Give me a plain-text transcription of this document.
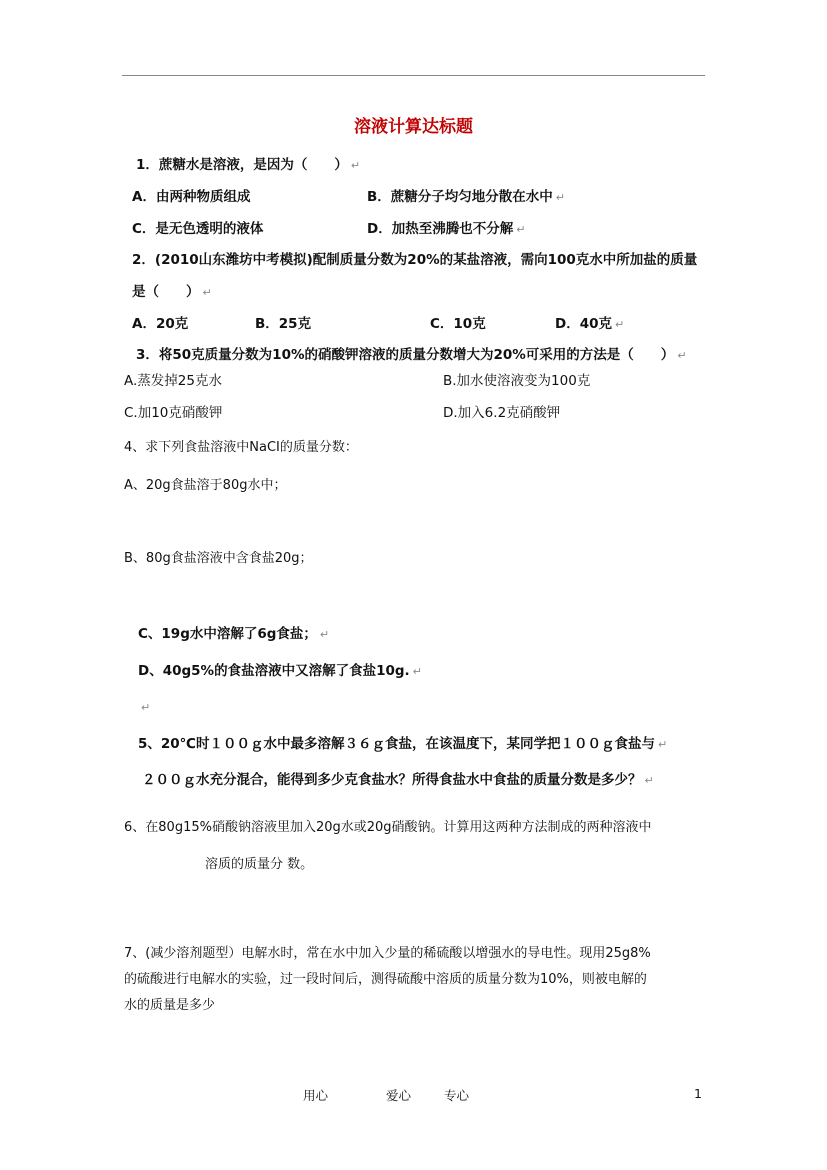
溶液计算达标题
1．蔗糖水是溶液，是因为（　　） ↵
A．由两种物质组成	B．蔗糖分子均匀地分散在水中 ↵
C．是无色透明的液体	D．加热至沸腾也不分解 ↵
2．(2010山东潍坊中考模拟)配制质量分数为20%的某盐溶液，需向100克水中所加盐的质量
是（　　） ↵
A．20克	B．25克	C．10克	D．40克 ↵
3．将50克质量分数为10%的硝酸钾溶液的质量分数增大为20%可采用的方法是（　　） ↵
A.蒸发掉25克水	B.加水使溶液变为100克
C.加10克硝酸钾	D.加入6.2克硝酸钾
4、求下列食盐溶液中NaCI的质量分数：
A、20g食盐溶于80g水中；
B、80g食盐溶液中含食盐20g；
C、19g水中溶解了6g食盐； ↵
D、40g5%的食盐溶液中又溶解了食盐10g. ↵
↵
5、20℃时１００ｇ水中最多溶解３６ｇ食盐，在该温度下，某同学把１００ｇ食盐与 ↵
２００ｇ水充分混合，能得到多少克食盐水？所得食盐水中食盐的质量分数是多少？ ↵
6、在80g15%硝酸钠溶液里加入20g水或20g硝酸钠。计算用这两种方法制成的两种溶液中
溶质的质量分 数。
7、(减少溶剂题型）电解水时，常在水中加入少量的稀硫酸以增强水的导电性。现用25g8%
的硫酸进行电解水的实验，过一段时间后，测得硫酸中溶质的质量分数为10%，则被电解的
水的质量是多少
用心	爱心	专心	1
